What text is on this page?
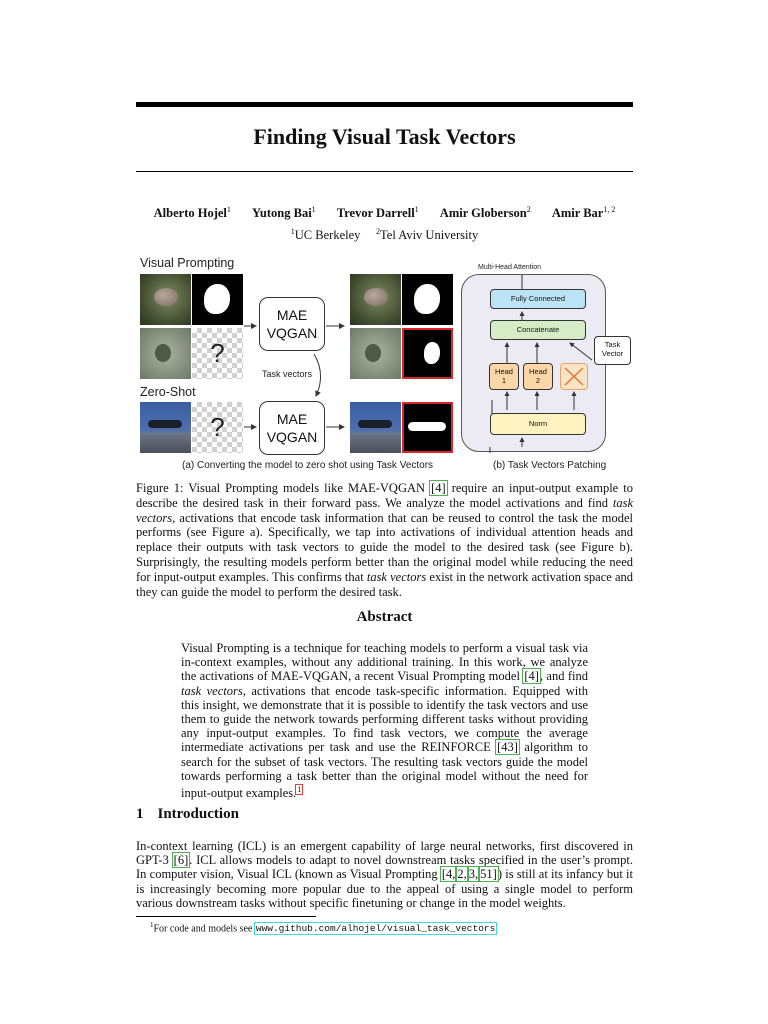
Finding Visual Task Vectors
Alberto Hojel$^1$ Yutong Bai$^1$ Trevor Darrell$^1$ Amir Globerson$^2$ Amir Bar$^{1, 2}$
$^1$UC Berkeley $^2$Tel Aviv University
Visual Prompting
?
Zero-Shot
?
MAE
VQGAN
Task vectors
MAE
VQGAN
(a) Converting the model to zero shot using Task Vectors	(b) Task Vectors Patching
Multi-Head Attention
Fully Connected
Concatenate
Head
1
Head
2
Norm
Task
Vector
Figure 1: Visual Prompting models like MAE-VQGAN [4] require an input-output example to describe the desired task in their forward pass. We analyze the model activations and find task vectors, activations that encode task information that can be reused to control the task the model performs (see Figure a). Specifically, we tap into activations of individual attention heads and replace their outputs with task vectors to guide the model to the desired task (see Figure b). Surprisingly, the resulting models perform better than the original model while reducing the need for input-output examples. This confirms that task vectors exist in the network activation space and they can guide the model to perform the desired task.
Abstract
Visual Prompting is a technique for teaching models to perform a visual task via in-context examples, without any additional training. In this work, we analyze the activations of MAE-VQGAN, a recent Visual Prompting model [4], and find task vectors, activations that encode task-specific information. Equipped with this insight, we demonstrate that it is possible to identify the task vectors and use them to guide the network towards performing different tasks without providing any input-output examples. To find task vectors, we compute the average intermediate activations per task and use the REINFORCE [43] algorithm to search for the subset of task vectors. The resulting task vectors guide the model towards performing a task better than the original model without the need for input-output examples.$^1$
1 Introduction
In-context learning (ICL) is an emergent capability of large neural networks, first discovered in GPT-3 [6]. ICL allows models to adapt to novel downstream tasks specified in the user’s prompt. In computer vision, Visual ICL (known as Visual Prompting [4, 2, 3, 51]) is still at its infancy but it is increasingly becoming more popular due to the appeal of using a single model to perform various downstream tasks without specific finetuning or change in the model weights.
$^1$For code and models see www.github.com/alhojel/visual_task_vectors
